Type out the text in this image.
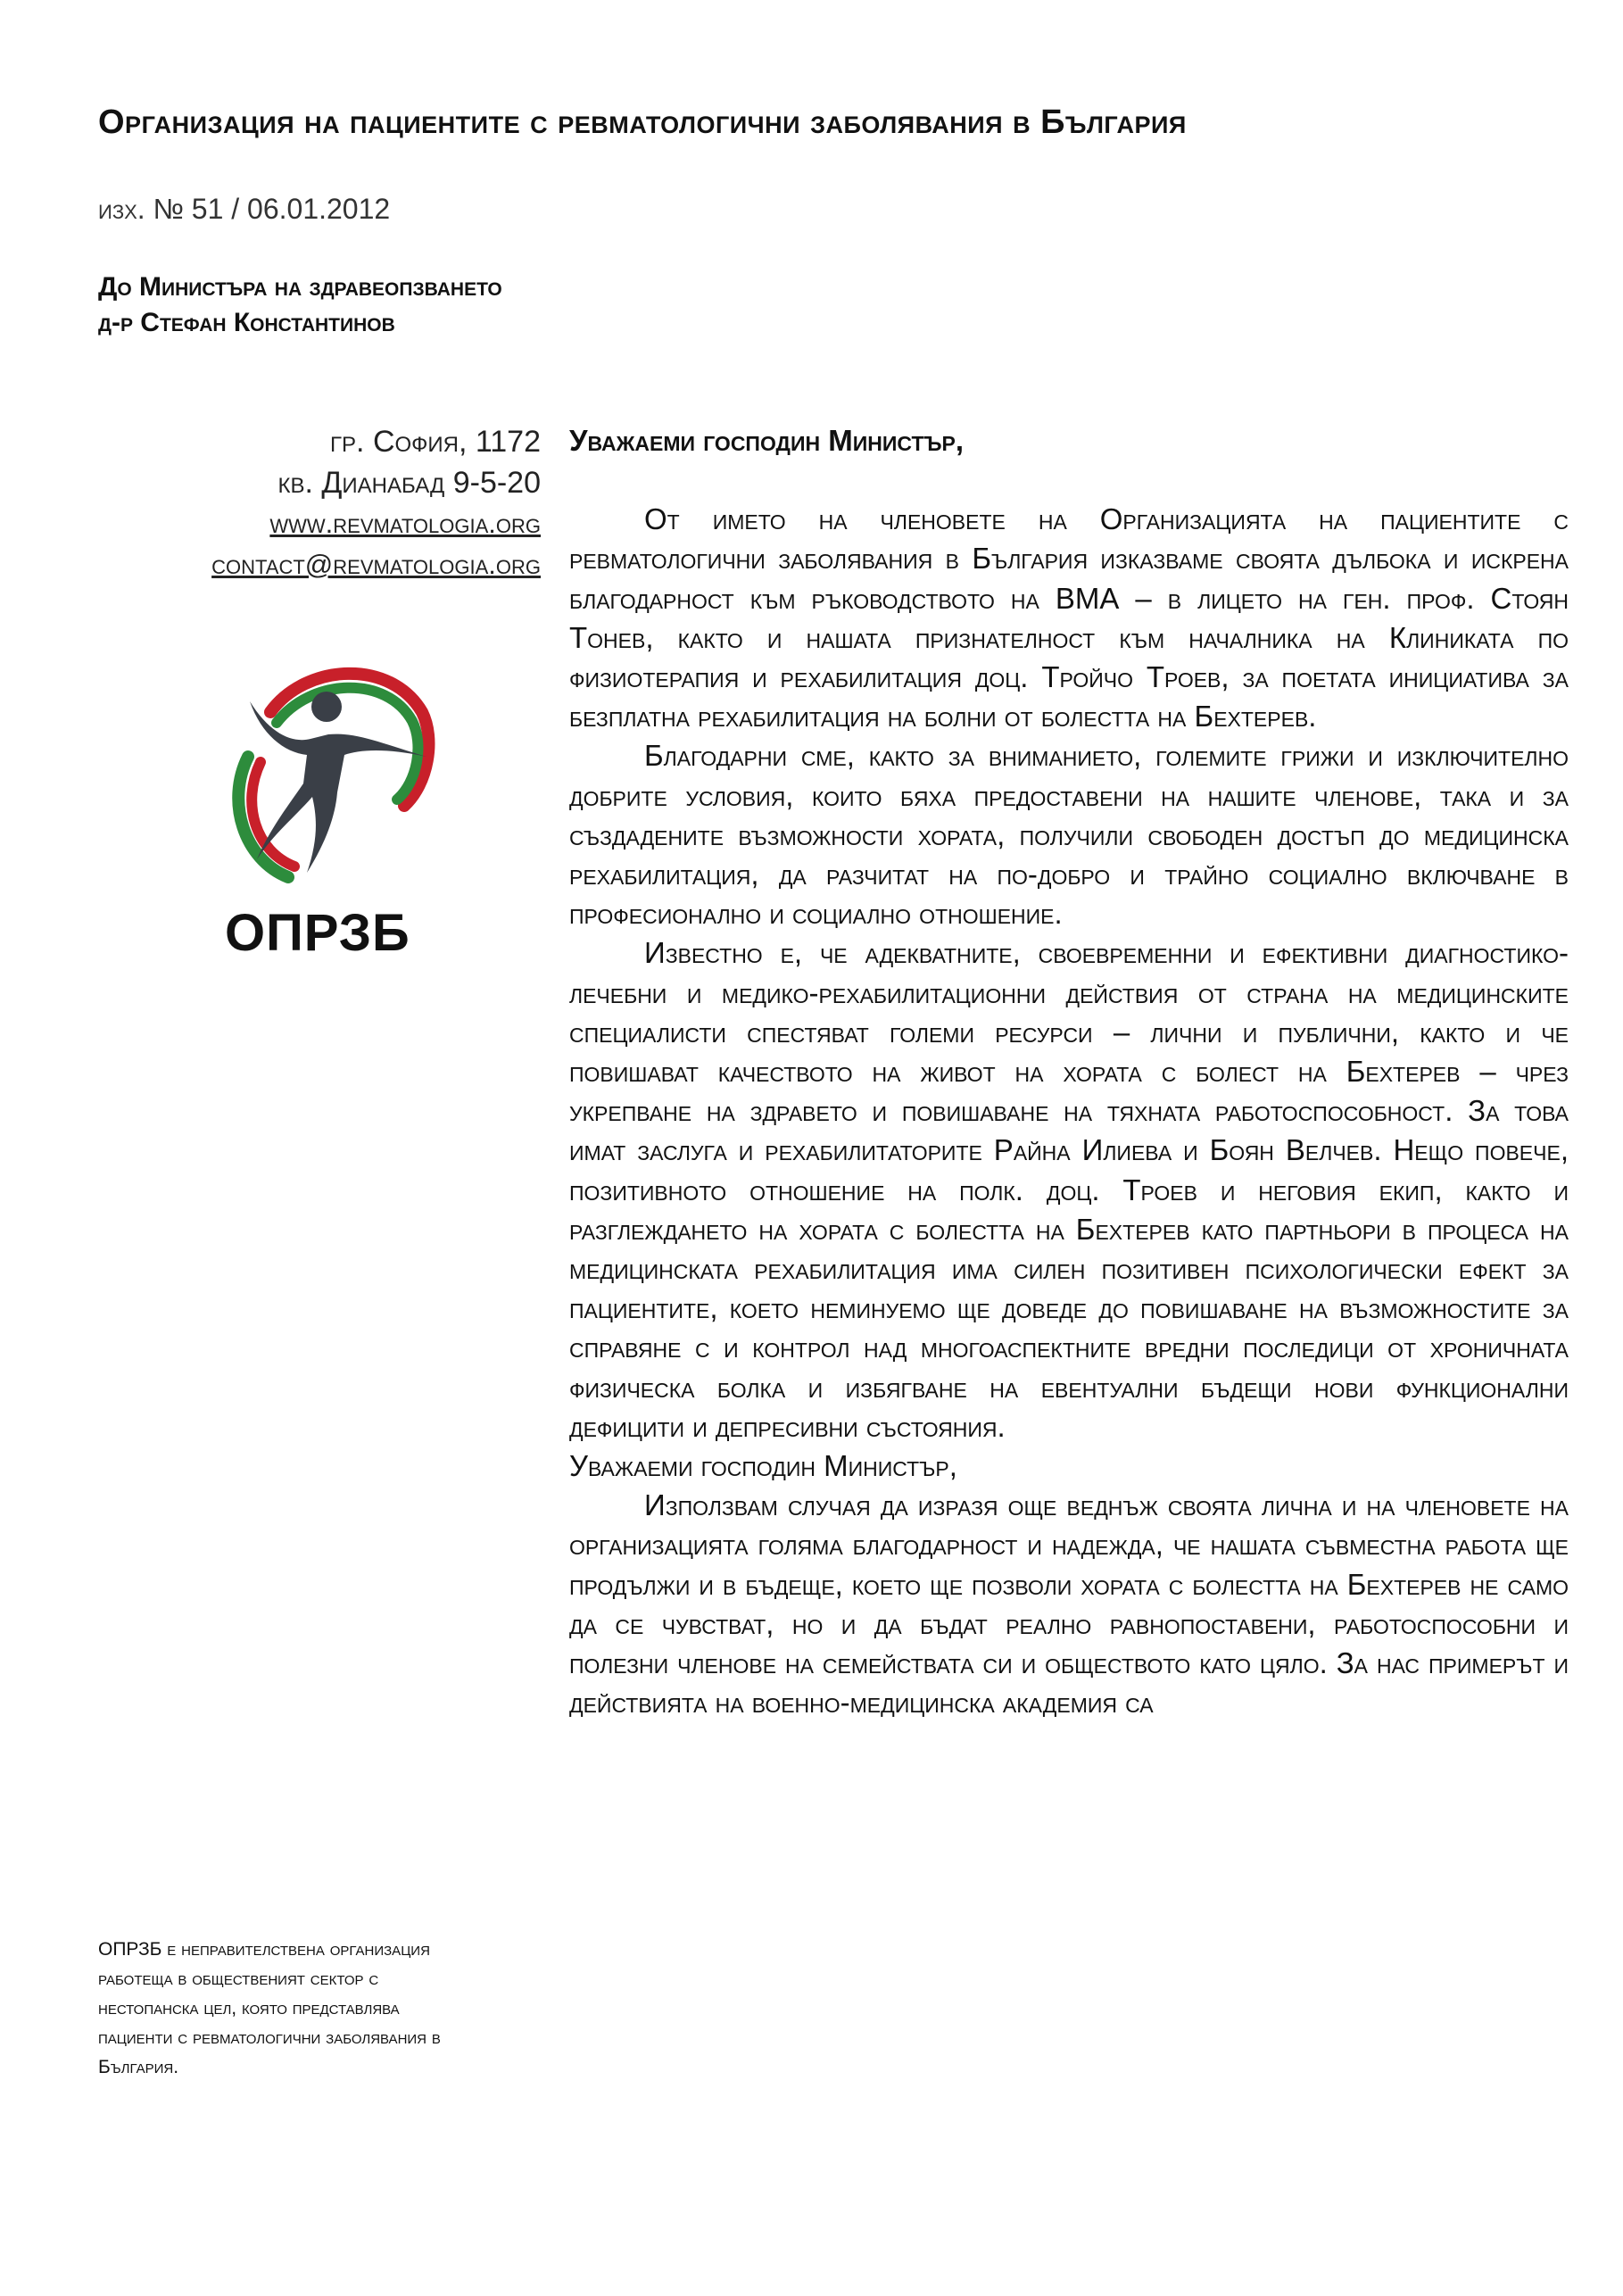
Организация на пациентите с ревматологични заболявания в България
изх. № 51 / 06.01.2012
До Министъра на здравеопзването
д-р Стефан Константинов
гр. София, 1172
кв. Дианабад 9-5-20
www.revmatologia.org
contact@revmatologia.org
ОПРЗБ
ОПРЗБ е неправителствена организация работеща в общественият сектор с нестопанска цел, която представлява пациенти с ревматологични заболявания в България.
Уважаеми господин Министър,

От името на членовете на Организацията на пациентите с ревматологични заболявания в България изказваме своята дълбока и искрена благодарност към ръководството на ВМА – в лицето на ген. проф. Стоян Тонев, както и нашата признателност към началника на Клиниката по физиотерапия и рехабилитация доц. Тройчо Троев, за поетата инициатива за безплатна рехабилитация на болни от болестта на Бехтерев.

Благодарни сме, както за вниманието, големите грижи и изключително добрите условия, които бяха предоставени на нашите членове, така и за създадените възможности хората, получили свободен достъп до медицинска рехабилитация, да разчитат на по-добро и трайно социално включване в професионално и социално отношение.

Известно е, че адекватните, своевременни и ефективни диагностико-лечебни и медико-рехабилитационни действия от страна на медицинските специалисти спестяват големи ресурси – лични и публични, както и че повишават качеството на живот на хората с болест на Бехтерев – чрез укрепване на здравето и повишаване на тяхната работоспособност. За това имат заслуга и рехабилитаторите Райна Илиева и Боян Велчев. Нещо повече, позитивното отношение на полк. доц. Троев и неговия екип, както и разглеждането на хората с болестта на Бехтерев като партньори в процеса на медицинската рехабилитация има силен позитивен психологически ефект за пациентите, което неминуемо ще доведе до повишаване на възможностите за справяне с и контрол над многоаспектните вредни последици от хроничната физическа болка и избягване на евентуални бъдещи нови функционални дефицити и депресивни състояния.

Уважаеми господин Министър,

Използвам случая да изразя още веднъж своята лична и на членовете на организацията голяма благодарност и надежда, че нашата съвместна работа ще продължи и в бъдеще, което ще позволи хората с болестта на Бехтерев не само да се чувстват, но и да бъдат реално равнопоставени, работоспособни и полезни членове на семействата си и обществото като цяло. За нас примерът и действията на военно-медицинска академия са
